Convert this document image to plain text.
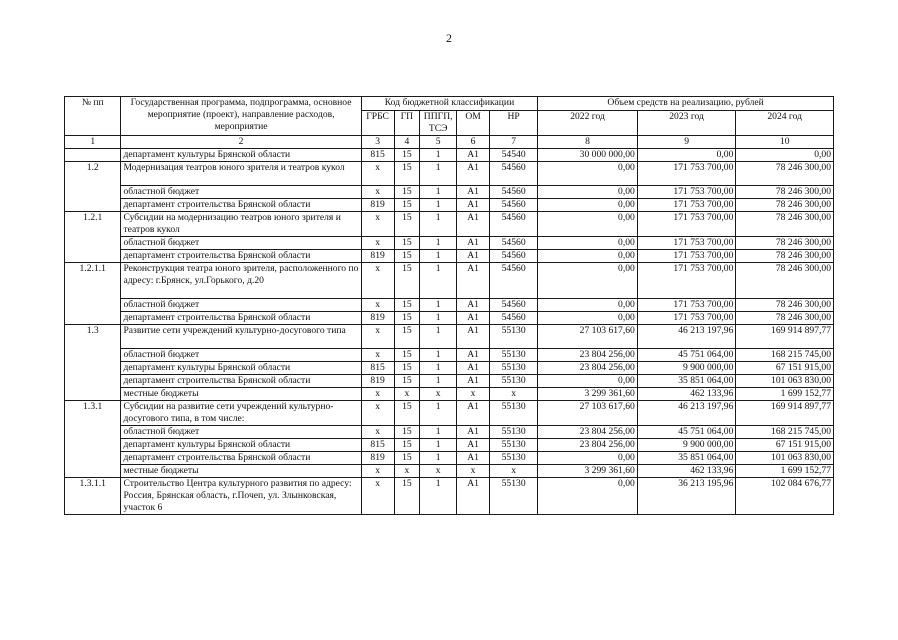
2
№ пп	Государственная программа, подпрограмма, основное мероприятие (проект), направление расходов, мероприятие	Код бюджетной классификации					Объем средств на реализацию, рублей		
		ГРБС	ГП	ППГП, ТСЭ	ОМ	НР	2022 год	2023 год	2024 год
1	2	3	4	5	6	7	8	9	10
	департамент культуры Брянской области	815	15	1	А1	54540	30 000 000,00	0,00	0,00
1.2	Модернизация театров юного зрителя и театров кукол	х	15	1	А1	54560	0,00	171 753 700,00	78 246 300,00
	областной бюджет	х	15	1	А1	54560	0,00	171 753 700,00	78 246 300,00
	департамент строительства Брянской области	819	15	1	А1	54560	0,00	171 753 700,00	78 246 300,00
1.2.1	Субсидии на модернизацию театров юного зрителя и театров кукол	х	15	1	А1	54560	0,00	171 753 700,00	78 246 300,00
	областной бюджет	х	15	1	А1	54560	0,00	171 753 700,00	78 246 300,00
	департамент строительства Брянской области	819	15	1	А1	54560	0,00	171 753 700,00	78 246 300,00
1.2.1.1	Реконструкция театра юного зрителя, расположенного по адресу: г.Брянск, ул.Горького, д.20	х	15	1	А1	54560	0,00	171 753 700,00	78 246 300,00
	областной бюджет	х	15	1	А1	54560	0,00	171 753 700,00	78 246 300,00
	департамент строительства Брянской области	819	15	1	А1	54560	0,00	171 753 700,00	78 246 300,00
1.3	Развитие сети учреждений культурно-досугового типа	х	15	1	А1	55130	27 103 617,60	46 213 197,96	169 914 897,77
	областной бюджет	х	15	1	А1	55130	23 804 256,00	45 751 064,00	168 215 745,00
	департамент культуры Брянской области	815	15	1	А1	55130	23 804 256,00	9 900 000,00	67 151 915,00
	департамент строительства Брянской области	819	15	1	А1	55130	0,00	35 851 064,00	101 063 830,00
	местные бюджеты	х	х	х	х	х	3 299 361,60	462 133,96	1 699 152,77
1.3.1	Субсидии на развитие сети учреждений культурно-досугового типа, в том числе:	х	15	1	А1	55130	27 103 617,60	46 213 197,96	169 914 897,77
	областной бюджет	х	15	1	А1	55130	23 804 256,00	45 751 064,00	168 215 745,00
	департамент культуры Брянской области	815	15	1	А1	55130	23 804 256,00	9 900 000,00	67 151 915,00
	департамент строительства Брянской области	819	15	1	А1	55130	0,00	35 851 064,00	101 063 830,00
	местные бюджеты	х	х	х	х	х	3 299 361,60	462 133,96	1 699 152,77
1.3.1.1	Строительство Центра культурного развития по адресу: Россия, Брянская область, г.Почеп, ул. Злынковская, участок 6	х	15	1	А1	55130	0,00	36 213 195,96	102 084 676,77
